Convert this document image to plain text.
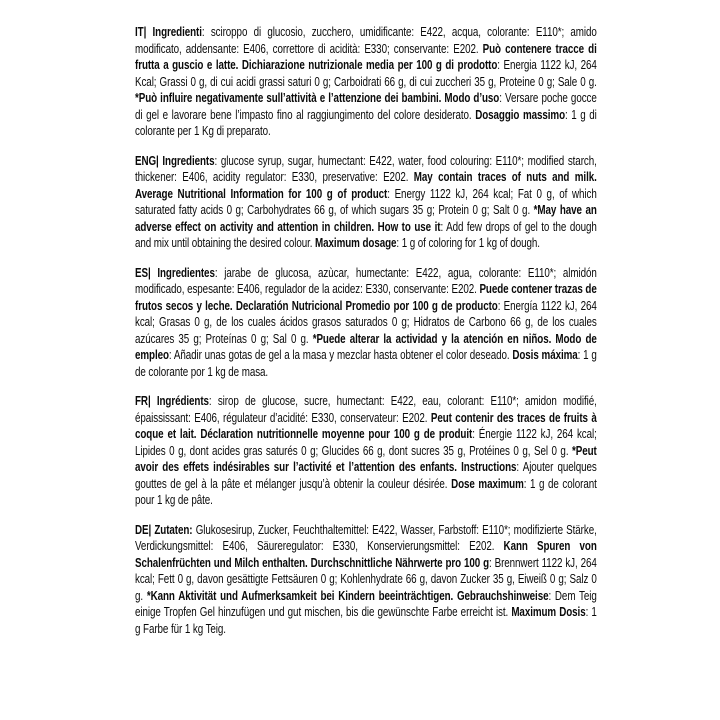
IT| Ingredienti: sciroppo di glucosio, zucchero, umidificante: E422, acqua, colorante: E110*; amido modificato, addensante: E406, correttore di acidità: E330; conservante: E202. Può contenere tracce di frutta a guscio e latte. Dichiarazione nutrizionale media per 100 g di prodotto: Energia 1122 kJ, 264 Kcal; Grassi 0 g, di cui acidi grassi saturi 0 g; Carboidrati 66 g, di cui zuccheri 35 g, Proteine 0 g; Sale 0 g. *Può influire negativamente sull’attività e l’attenzione dei bambini. Modo d’uso: Versare poche gocce di gel e lavorare bene l’impasto fino al raggiungimento del colore desiderato. Dosaggio massimo: 1 g di colorante per 1 Kg di preparato.

ENG| Ingredients: glucose syrup, sugar, humectant: E422, water, food colouring: E110*; modified starch, thickener: E406, acidity regulator: E330, preservative: E202. May contain traces of nuts and milk. Average Nutritional Information for 100 g of product: Energy 1122 kJ, 264 kcal; Fat 0 g, of which saturated fatty acids 0 g; Carbohydrates 66 g, of which sugars 35 g; Protein 0 g; Salt 0 g. *May have an adverse effect on activity and attention in children. How to use it: Add few drops of gel to the dough and mix until obtaining the desired colour. Maximum dosage: 1 g of coloring for 1 kg of dough.

ES| Ingredientes: jarabe de glucosa, azùcar, humectante: E422, agua, colorante: E110*; almidón modificado, espesante: E406, regulador de la acidez: E330, conservante: E202. Puede contener trazas de frutos secos y leche. Declaratión Nutricional Promedio por 100 g de producto: Energía 1122 kJ, 264 kcal; Grasas 0 g, de los cuales ácidos grasos saturados 0 g; Hidratos de Carbono 66 g, de los cuales azúcares 35 g; Proteínas 0 g; Sal 0 g. *Puede alterar la actividad y la atención en niños. Modo de empleo: Añadir unas gotas de gel a la masa y mezclar hasta obtener el color deseado. Dosis máxima: 1 g de colorante por 1 kg de masa.

FR| Ingrédients: sirop de glucose, sucre, humectant: E422, eau, colorant: E110*; amidon modifié, épaississant: E406, régulateur d’acidité: E330, conservateur: E202. Peut contenir des traces de fruits à coque et lait. Déclaration nutritionnelle moyenne pour 100 g de produit: Énergie 1122 kJ, 264 kcal; Lipides 0 g, dont acides gras saturés 0 g; Glucides 66 g, dont sucres 35 g, Protéines 0 g, Sel 0 g. *Peut avoir des effets indésirables sur l’activité et l’attention des enfants. Instructions: Ajouter quelques gouttes de gel à la pâte et mélanger jusqu’à obtenir la couleur désirée. Dose maximum: 1 g de colorant pour 1 kg de pâte.

DE| Zutaten: Glukosesirup, Zucker, Feuchthaltemittel: E422, Wasser, Farbstoff: E110*; modifizierte Stärke, Verdickungsmittel: E406, Säureregulator: E330, Konservierungsmittel: E202. Kann Spuren von Schalenfrüchten und Milch enthalten. Durchschnittliche Nährwerte pro 100 g: Brennwert 1122 kJ, 264 kcal; Fett 0 g, davon gesättigte Fettsäuren 0 g; Kohlenhydrate 66 g, davon Zucker 35 g, Eiweiß 0 g; Salz 0 g. *Kann Aktivität und Aufmerksamkeit bei Kindern beeinträchtigen. Gebrauchshinweise: Dem Teig einige Tropfen Gel hinzufügen und gut mischen, bis die gewünschte Farbe erreicht ist. Maximum Dosis: 1 g Farbe für 1 kg Teig.
